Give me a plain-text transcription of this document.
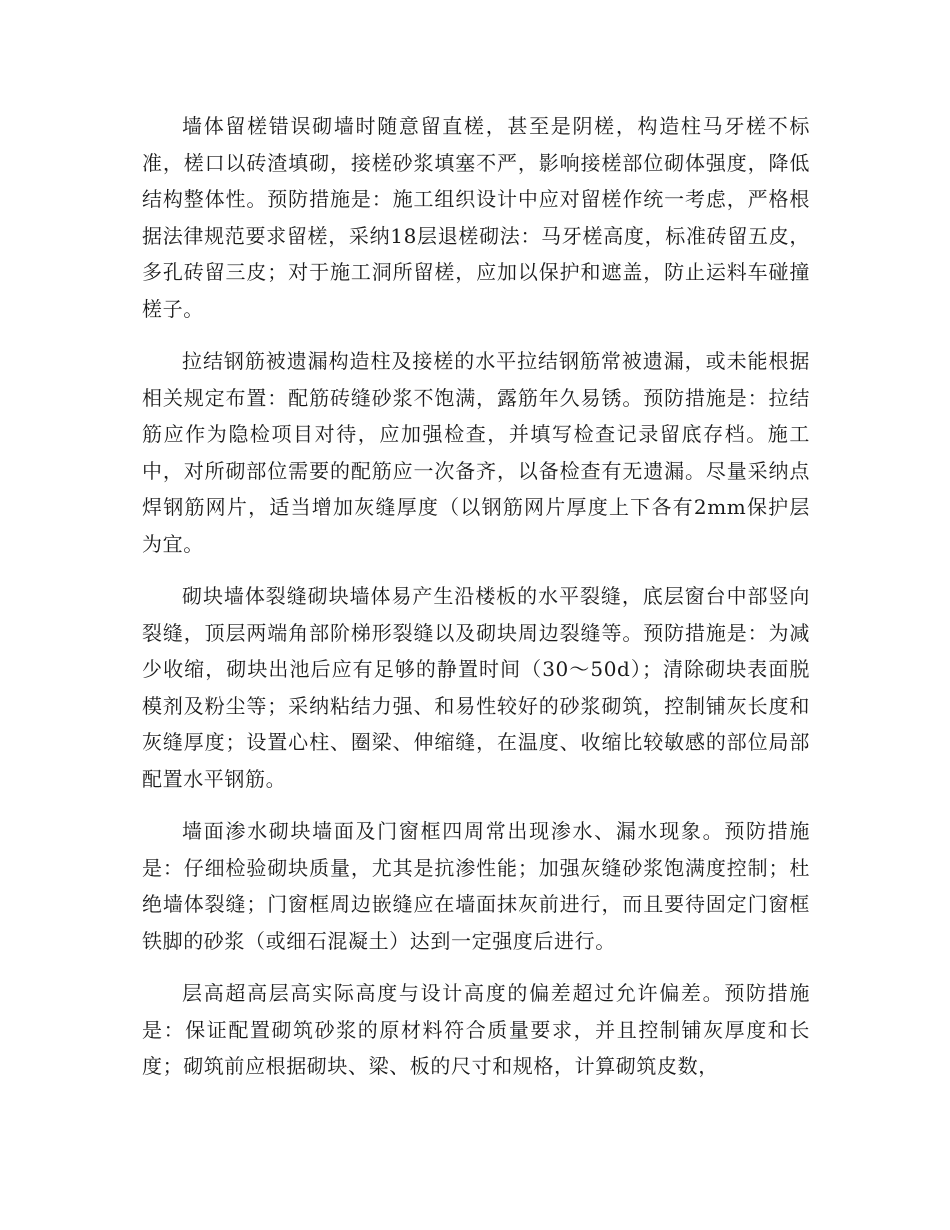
墙体留槎错误砌墙时随意留直槎，甚至是阴槎，构造柱马牙槎不标准，槎口以砖渣填砌，接槎砂浆填塞不严，影响接槎部位砌体强度，降低结构整体性。预防措施是：施工组织设计中应对留槎作统一考虑，严格根据法律规范要求留槎，采纳18层退槎砌法：马牙槎高度，标准砖留五皮，多孔砖留三皮；对于施工洞所留槎，应加以保护和遮盖，防止运料车碰撞槎子。

拉结钢筋被遗漏构造柱及接槎的水平拉结钢筋常被遗漏，或未能根据相关规定布置：配筋砖缝砂浆不饱满，露筋年久易锈。预防措施是：拉结筋应作为隐检项目对待，应加强检查，并填写检查记录留底存档。施工中，对所砌部位需要的配筋应一次备齐，以备检查有无遗漏。尽量采纳点焊钢筋网片，适当增加灰缝厚度（以钢筋网片厚度上下各有2mm保护层为宜。

砌块墙体裂缝砌块墙体易产生沿楼板的水平裂缝，底层窗台中部竖向裂缝，顶层两端角部阶梯形裂缝以及砌块周边裂缝等。预防措施是：为减少收缩，砌块出池后应有足够的静置时间（30～50d）；清除砌块表面脱模剂及粉尘等；采纳粘结力强、和易性较好的砂浆砌筑，控制铺灰长度和灰缝厚度；设置心柱、圈梁、伸缩缝，在温度、收缩比较敏感的部位局部配置水平钢筋。

墙面渗水砌块墙面及门窗框四周常出现渗水、漏水现象。预防措施是：仔细检验砌块质量，尤其是抗渗性能；加强灰缝砂浆饱满度控制；杜绝墙体裂缝；门窗框周边嵌缝应在墙面抹灰前进行，而且要待固定门窗框铁脚的砂浆（或细石混凝土）达到一定强度后进行。

层高超高层高实际高度与设计高度的偏差超过允许偏差。预防措施是：保证配置砌筑砂浆的原材料符合质量要求，并且控制铺灰厚度和长度；砌筑前应根据砌块、梁、板的尺寸和规格，计算砌筑皮数，
